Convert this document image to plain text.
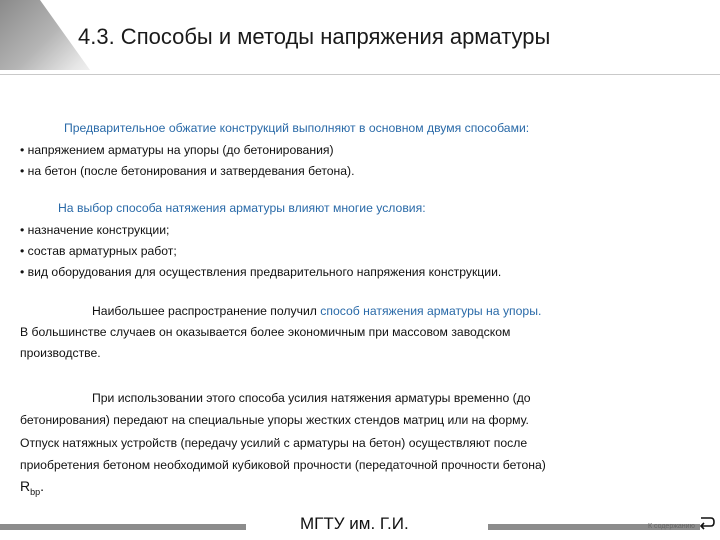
4.3. Способы и методы напряжения арматуры
Предварительное обжатие конструкций выполняют в основном двумя способами:
• напряжением арматуры на упоры (до бетонирования)
• на бетон (после бетонирования и затвердевания бетона).
На выбор способа натяжения арматуры влияют многие условия:
• назначение конструкции;
• состав арматурных работ;
• вид оборудования для осуществления предварительного напряжения конструкции.
Наибольшее распространение получил способ натяжения арматуры на упоры.
В большинстве случаев он оказывается более экономичным при массовом заводском
производстве.
При использовании этого способа усилия натяжения арматуры временно (до
бетонирования) передают на специальные упоры жестких стендов матриц или на форму.
Отпуск натяжных устройств (передачу усилий с арматуры на бетон) осуществляют после
приобретения бетоном необходимой кубиковой прочности (передаточной прочности бетона)
$R_{bp}$.
МГТУ им. Г.И.	К содержанию
